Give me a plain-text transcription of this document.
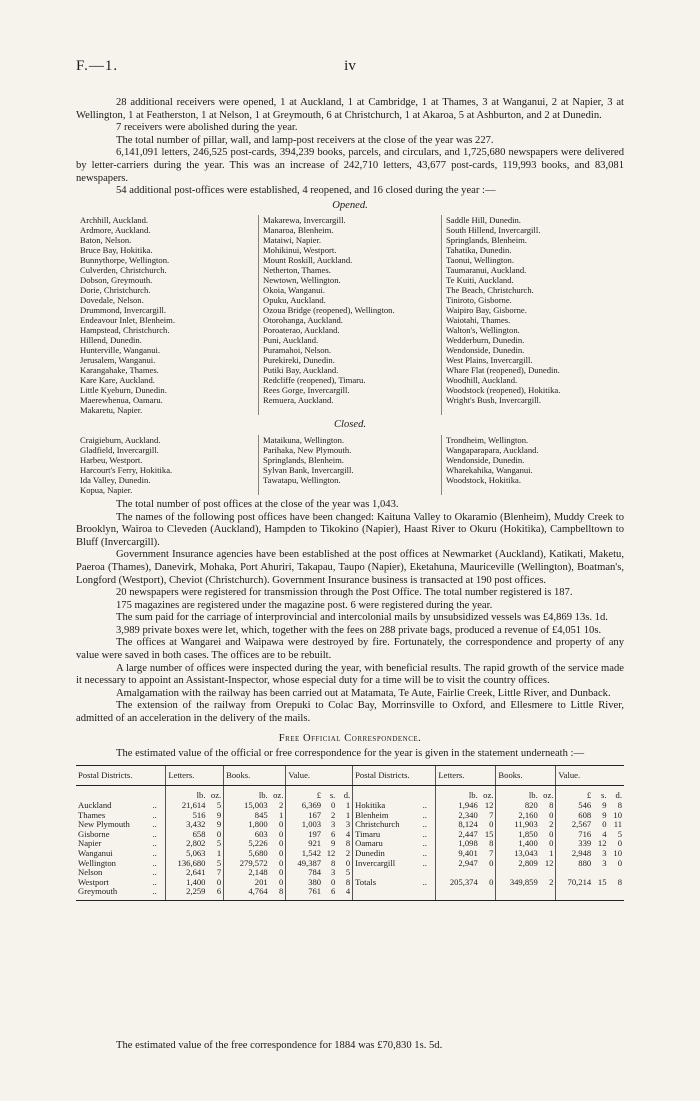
F.—1.	iv

28 additional receivers were opened, 1 at Auckland, 1 at Cambridge, 1 at Thames, 3 at Wanganui, 2 at Napier, 3 at Wellington, 1 at Featherston, 1 at Nelson, 1 at Greymouth, 6 at Christchurch, 1 at Akaroa, 5 at Ashburton, and 2 at Dunedin.

7 receivers were abolished during the year.

The total number of pillar, wall, and lamp-post receivers at the close of the year was 227.

6,141,091 letters, 246,525 post-cards, 394,239 books, parcels, and circulars, and 1,725,680 newspapers were delivered by letter-carriers during the year. This was an increase of 242,710 letters, 43,677 post-cards, 119,993 books, and 83,081 newspapers.

54 additional post-offices were established, 4 reopened, and 16 closed during the year :—

Opened.

Archhill, Auckland.
Ardmore, Auckland.
Baton, Nelson.
Bruce Bay, Hokitika.
Bunnythorpe, Wellington.
Culverden, Christchurch.
Dobson, Greymouth.
Dorie, Christchurch.
Dovedale, Nelson.
Drummond, Invercargill.
Endeavour Inlet, Blenheim.
Hampstead, Christchurch.
Hillend, Dunedin.
Hunterville, Wanganui.
Jerusalem, Wanganui.
Karangahake, Thames.
Kare Kare, Auckland.
Little Kyeburn, Dunedin.
Maerewhenua, Oamaru.
Makaretu, Napier.
Makarewa, Invercargill.
Manaroa, Blenheim.
Mataiwi, Napier.
Mohikinui, Westport.
Mount Roskill, Auckland.
Netherton, Thames.
Newtown, Wellington.
Okoia, Wanganui.
Opuku, Auckland.
Ozoua Bridge (reopened), Wellington.
Otorohanga, Auckland.
Poroaterao, Auckland.
Puni, Auckland.
Puramahoi, Nelson.
Purekireki, Dunedin.
Putiki Bay, Auckland.
Redcliffe (reopened), Timaru.
Rees Gorge, Invercargill.
Remuera, Auckland.
Saddle Hill, Dunedin.
South Hillend, Invercargill.
Springlands, Blenheim.
Tahatika, Dunedin.
Taonui, Wellington.
Taumaranui, Auckland.
Te Kuiti, Auckland.
The Beach, Christchurch.
Tiniroto, Gisborne.
Waipiro Bay, Gisborne.
Waiotahi, Thames.
Walton's, Wellington.
Wedderburn, Dunedin.
Wendonside, Dunedin.
West Plains, Invercargill.
Whare Flat (reopened), Dunedin.
Woodhill, Auckland.
Woodstock (reopened), Hokitika.
Wright's Bush, Invercargill.

Closed.

Craigieburn, Auckland.
Gladfield, Invercargill.
Harbeu, Westport.
Harcourt's Ferry, Hokitika.
Ida Valley, Dunedin.
Kopua, Napier.
Mataikuna, Wellington.
Parihaka, New Plymouth.
Springlands, Blenheim.
Sylvan Bank, Invercargill.
Tawatapu, Wellington.
Trondheim, Wellington.
Wangaparapara, Auckland.
Wendonside, Dunedin.
Wharekahika, Wanganui.
Woodstock, Hokitika.

The total number of post offices at the close of the year was 1,043.

The names of the following post offices have been changed: Kaituna Valley to Okaramio (Blenheim), Muddy Creek to Brooklyn, Wairoa to Cleveden (Auckland), Hampden to Tikokino (Napier), Haast River to Okuru (Hokitika), Campbelltown to Bluff (Invercargill).

Government Insurance agencies have been established at the post offices at Newmarket (Auckland), Katikati, Maketu, Paeroa (Thames), Danevirk, Mohaka, Port Ahuriri, Takapau, Taupo (Napier), Eketahuna, Mauriceville (Wellington), Boatman's, Longford (Westport), Cheviot (Christchurch). Government Insurance business is transacted at 190 post offices.

20 newspapers were registered for transmission through the Post Office. The total number registered is 187.

175 magazines are registered under the magazine post. 6 were registered during the year.

The sum paid for the carriage of interprovincial and intercolonial mails by unsubsidized vessels was £4,869 13s. 1d.

3,989 private boxes were let, which, together with the fees on 288 private bags, produced a revenue of £4,051 10s.

The offices at Wangarei and Waipawa were destroyed by fire. Fortunately, the correspondence and property of any value were saved in both cases. The offices are to be rebuilt.

A large number of offices were inspected during the year, with beneficial results. The rapid growth of the service made it necessary to appoint an Assistant-Inspector, whose especial duty for a time will be to visit the country offices.

Amalgamation with the railway has been carried out at Matamata, Te Aute, Fairlie Creek, Little River, and Dunback.

The extension of the railway from Orepuki to Colac Bay, Morrinsville to Oxford, and Ellesmere to Little River, admitted of an acceleration in the delivery of the mails.

Free Official Correspondence.

The estimated value of the official or free correspondence for the year is given in the statement underneath :—

Postal Districts.		Letters.		Books.		Value.			Postal Districts.		Letters.		Books.		Value.		
		lb.	oz.	lb.	oz.	£	s.	d.			lb.	oz.	lb.	oz.	£	s.	d.
Auckland	..	21,614	5	15,003	2	6,369	0	1	Hokitika	..	1,946	12	820	8	546	9	8
Thames	..	516	9	845	1	167	2	1	Blenheim	..	2,340	7	2,160	0	608	9	10
New Plymouth	..	3,432	9	1,800	0	1,003	3	3	Christchurch	..	8,124	0	11,903	2	2,567	0	11
Gisborne	..	658	0	603	0	197	6	4	Timaru	..	2,447	15	1,850	0	716	4	5
Napier	..	2,802	5	5,226	0	921	9	8	Oamaru	..	1,098	8	1,400	0	339	12	0
Wanganui	..	5,063	1	5,680	0	1,542	12	2	Dunedin	..	9,401	7	13,043	1	2,948	3	10
Wellington	..	136,680	5	279,572	0	49,387	8	0	Invercargill	..	2,947	0	2,809	12	880	3	0
Nelson	..	2,641	7	2,148	0	784	3	5									
Westport	..	1,400	0	201	0	380	0	8	Totals	..	205,374	0	349,859	2	70,214	15	8
Greymouth	..	2,259	6	4,764	8	761	6	4									
The estimated value of the free correspondence for 1884 was £70,830 1s. 5d.
